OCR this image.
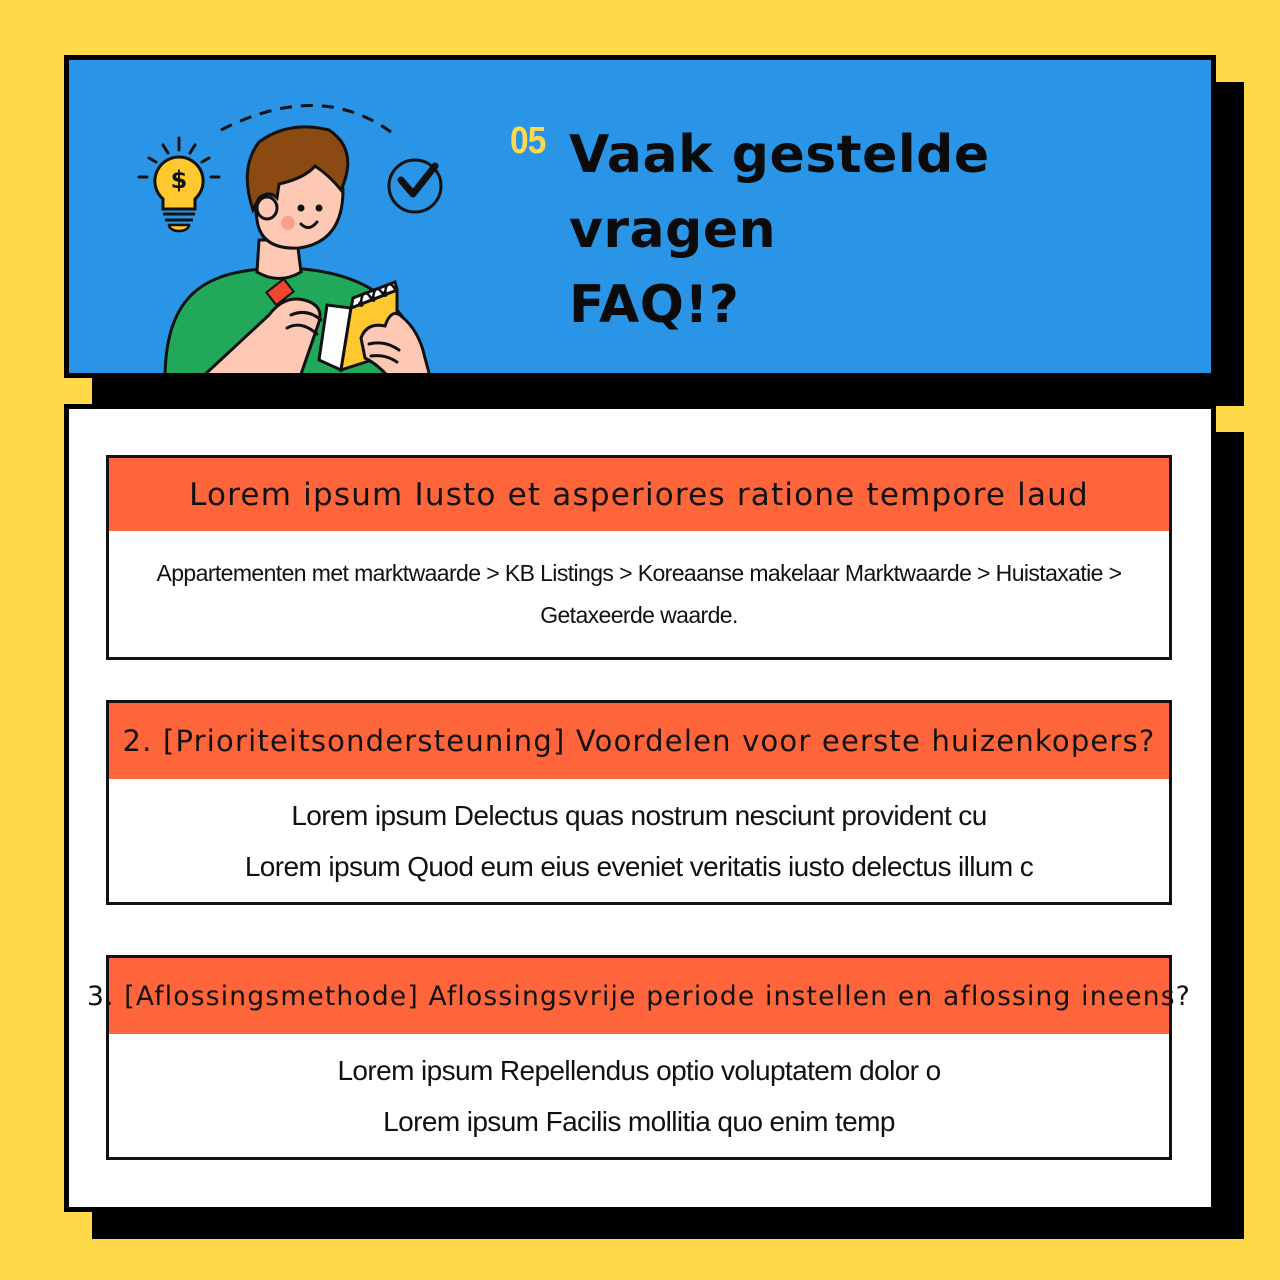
$
05 Vaak gestelde
vragen
FAQ!?
Lorem ipsum Iusto et asperiores ratione tempore laud
Appartementen met marktwaarde > KB Listings > Koreaanse makelaar Marktwaarde > Huistaxatie >
Getaxeerde waarde.
2. [Prioriteitsondersteuning] Voordelen voor eerste huizenkopers?
Lorem ipsum Delectus quas nostrum nesciunt provident cu
Lorem ipsum Quod eum eius eveniet veritatis iusto delectus illum c
3. [Aflossingsmethode] Aflossingsvrije periode instellen en aflossing ineens?
Lorem ipsum Repellendus optio voluptatem dolor o
Lorem ipsum Facilis mollitia quo enim temp
